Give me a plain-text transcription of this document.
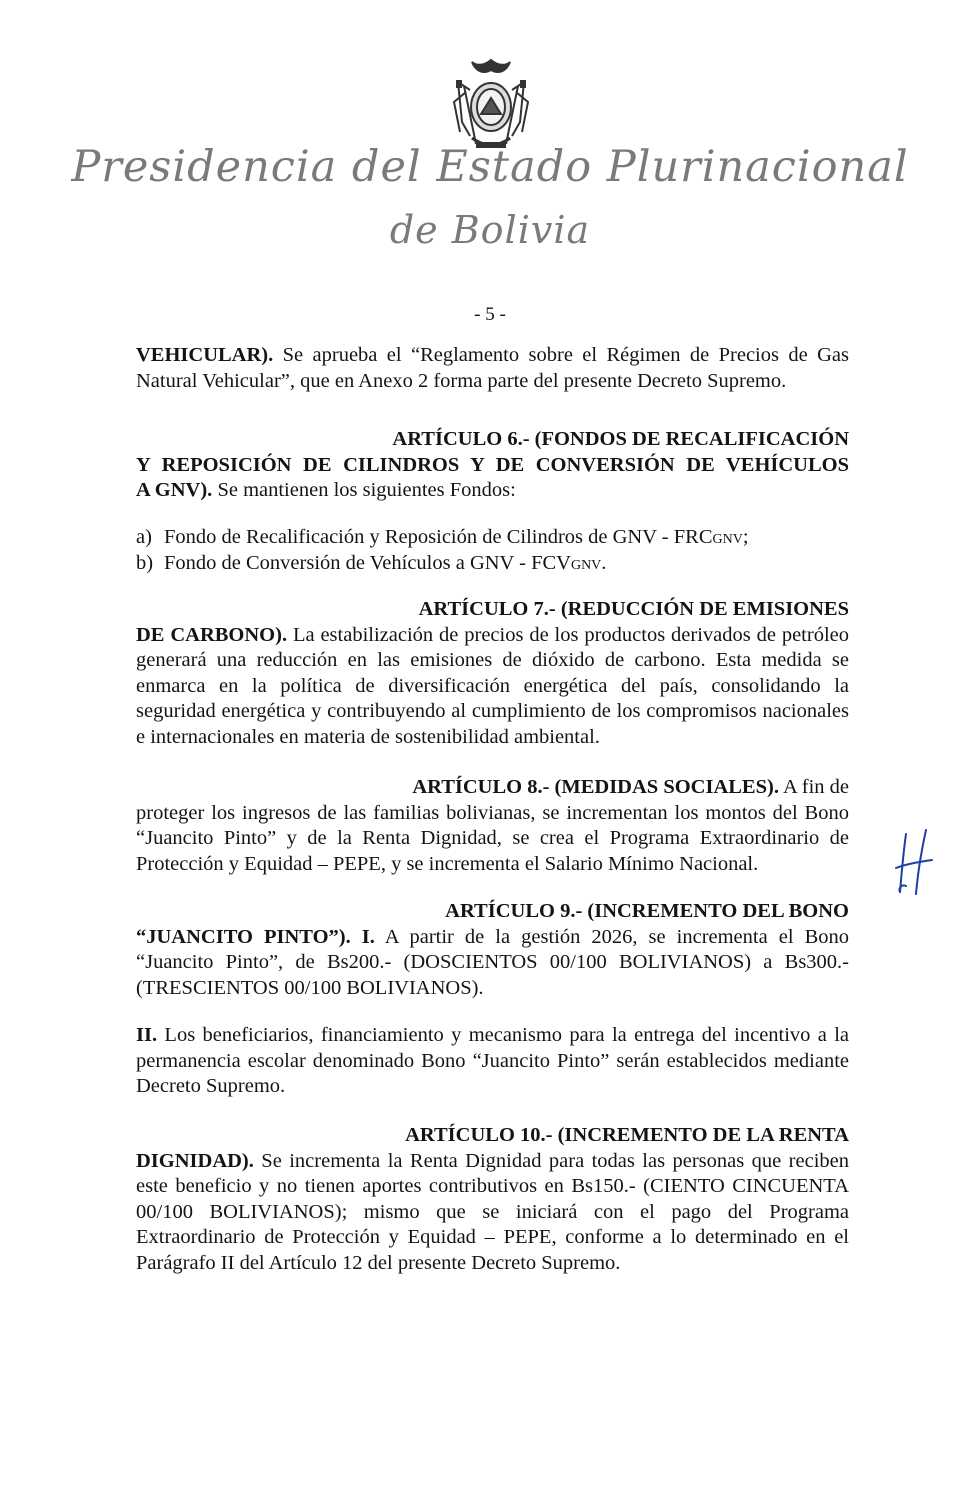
Presidencia del Estado Plurinacional
de Bolivia
- 5 -
VEHICULAR). Se aprueba el “Reglamento sobre el Régimen de Precios de Gas Natural Vehicular”, que en Anexo 2 forma parte del presente Decreto Supremo.
ARTÍCULO 6.- (FONDOS DE RECALIFICACIÓN
Y REPOSICIÓN DE CILINDROS Y DE CONVERSIÓN DE VEHÍCULOS
A GNV). Se mantienen los siguientes Fondos:
a) Fondo de Recalificación y Reposición de Cilindros de GNV - FRCGNV;
b) Fondo de Conversión de Vehículos a GNV - FCVGNV.
ARTÍCULO 7.- (REDUCCIÓN DE EMISIONES
DE CARBONO). La estabilización de precios de los productos derivados de petróleo generará una reducción en las emisiones de dióxido de carbono. Esta medida se enmarca en la política de diversificación energética del país, consolidando la seguridad energética y contribuyendo al cumplimiento de los compromisos nacionales e internacionales en materia de sostenibilidad ambiental.
ARTÍCULO 8.- (MEDIDAS SOCIALES). A fin de
proteger los ingresos de las familias bolivianas, se incrementan los montos del Bono “Juancito Pinto” y de la Renta Dignidad, se crea el Programa Extraordinario de Protección y Equidad – PEPE, y se incrementa el Salario Mínimo Nacional.
ARTÍCULO 9.- (INCREMENTO DEL BONO
“JUANCITO PINTO”). I. A partir de la gestión 2026, se incrementa el Bono “Juancito Pinto”, de Bs200.- (DOSCIENTOS 00/100 BOLIVIANOS) a Bs300.- (TRESCIENTOS 00/100 BOLIVIANOS).
II. Los beneficiarios, financiamiento y mecanismo para la entrega del incentivo a la permanencia escolar denominado Bono “Juancito Pinto” serán establecidos mediante Decreto Supremo.
ARTÍCULO 10.- (INCREMENTO DE LA RENTA
DIGNIDAD). Se incrementa la Renta Dignidad para todas las personas que reciben este beneficio y no tienen aportes contributivos en Bs150.- (CIENTO CINCUENTA 00/100 BOLIVIANOS); mismo que se iniciará con el pago del Programa Extraordinario de Protección y Equidad – PEPE, conforme a lo determinado en el Parágrafo II del Artículo 12 del presente Decreto Supremo.
